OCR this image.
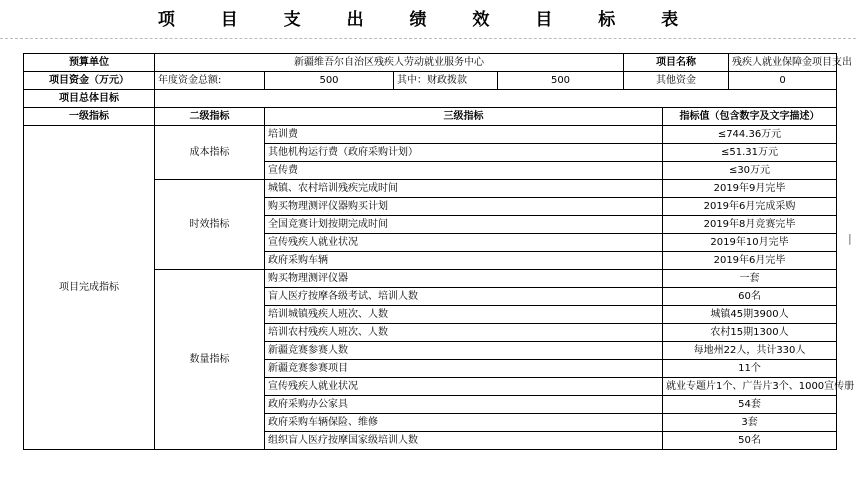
项 目 支 出 绩 效 目 标 表
|
预算单位	新疆维吾尔自治区残疾人劳动就业服务中心				项目名称		残疾人就业保障金项目支出
项目资金（万元）	年度资金总额:	500	其中：财政拨款	500	其他资金		0
项目总体目标							
一级指标	二级指标	三级指标				指标值（包含数字及文字描述）	
项目完成指标	成本指标	培训费				≤744.36万元	
		其他机构运行费（政府采购计划）				≤51.31万元	
		宣传费				≤30万元	
	时效指标	城镇、农村培训残疾完成时间				2019年9月完毕	
		购买物理测评仪器购买计划				2019年6月完成采购	
		全国竞赛计划按期完成时间				2019年8月竞赛完毕	
		宣传残疾人就业状况				2019年10月完毕	
		政府采购车辆				2019年6月完毕	
	数量指标	购买物理测评仪器				一套	
		盲人医疗按摩各级考试、培训人数				60名	
		培训城镇残疾人班次、人数				城镇45期3900人	
		培训农村残疾人班次、人数				农村15期1300人	
		新疆竞赛参赛人数				每地州22人，共计330人	
		新疆竞赛参赛项目				11个	
		宣传残疾人就业状况				就业专题片1个、广告片3个、1000宣传册	
		政府采购办公家具				54套	
		政府采购车辆保险、维修				3套	
		组织盲人医疗按摩国家级培训人数				50名	
